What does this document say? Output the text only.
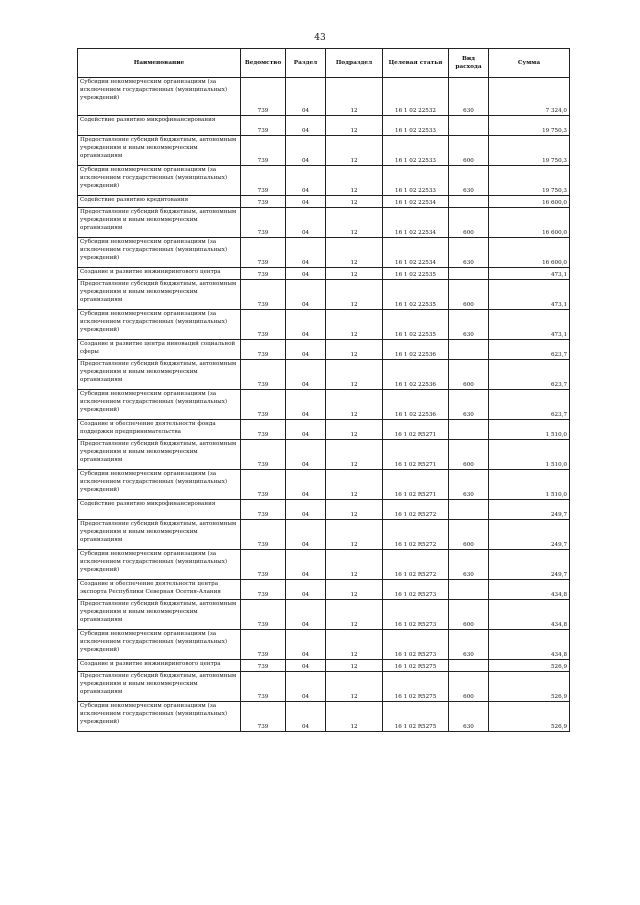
43
Наименование	Ведомство	Раздел	Подраздел	Целевая статья	Вид расхода	Сумма
Субсидии некоммерческим организациям (за исключением государственных (муниципальных) учреждений)	739	04	12	16 1 02 22532	630	7 324,0
Содействие развитию микрофинансирования	739	04	12	16 1 02 22533		19 750,3
Предоставление субсидий бюджетным, автономным учреждениям и иным некоммерческим организациям	739	04	12	16 1 02 22533	600	19 750,3
Субсидии некоммерческим организациям (за исключением государственных (муниципальных) учреждений)	739	04	12	16 1 02 22533	630	19 750,3
Содействие развитию кредитования	739	04	12	16 1 02 22534		16 600,0
Предоставление субсидий бюджетным, автономным учреждениям и иным некоммерческим организациям	739	04	12	16 1 02 22534	600	16 600,0
Субсидии некоммерческим организациям (за исключением государственных (муниципальных) учреждений)	739	04	12	16 1 02 22534	630	16 600,0
Создание и развитие инжинирингового центра	739	04	12	16 1 02 22535		473,1
Предоставление субсидий бюджетным, автономным учреждениям и иным некоммерческим организациям	739	04	12	16 1 02 22535	600	473,1
Субсидии некоммерческим организациям (за исключением государственных (муниципальных) учреждений)	739	04	12	16 1 02 22535	630	473,1
Создание и развитие центра инноваций социальной сферы	739	04	12	16 1 02 22536		623,7
Предоставление субсидий бюджетным, автономным учреждениям и иным некоммерческим организациям	739	04	12	16 1 02 22536	600	623,7
Субсидии некоммерческим организациям (за исключением государственных (муниципальных) учреждений)	739	04	12	16 1 02 22536	630	623,7
Создание и обеспечение деятельности фонда поддержки предпринимательства	739	04	12	16 1 02 R5271		1 510,0
Предоставление субсидий бюджетным, автономным учреждениям и иным некоммерческим организациям	739	04	12	16 1 02 R5271	600	1 510,0
Субсидии некоммерческим организациям (за исключением государственных (муниципальных) учреждений)	739	04	12	16 1 02 R5271	630	1 510,0
Содействие развитию микрофинансирования	739	04	12	16 1 02 R5272		249,7
Предоставление субсидий бюджетным, автономным учреждениям и иным некоммерческим организациям	739	04	12	16 1 02 R5272	600	249,7
Субсидии некоммерческим организациям (за исключением государственных (муниципальных) учреждений)	739	04	12	16 1 02 R5272	630	249,7
Создание и обеспечение деятельности центра экспорта Республики Северная Осетия-Алания	739	04	12	16 1 02 R5273		434,8
Предоставление субсидий бюджетным, автономным учреждениям и иным некоммерческим организациям	739	04	12	16 1 02 R5273	600	434,8
Субсидии некоммерческим организациям (за исключением государственных (муниципальных) учреждений)	739	04	12	16 1 02 R5273	630	434,8
Создание и развитие инжинирингового центра	739	04	12	16 1 02 R5275		526,9
Предоставление субсидий бюджетным, автономным учреждениям и иным некоммерческим организациям	739	04	12	16 1 02 R5275	600	526,9
Субсидии некоммерческим организациям (за исключением государственных (муниципальных) учреждений)	739	04	12	16 1 02 R5275	630	526,9
